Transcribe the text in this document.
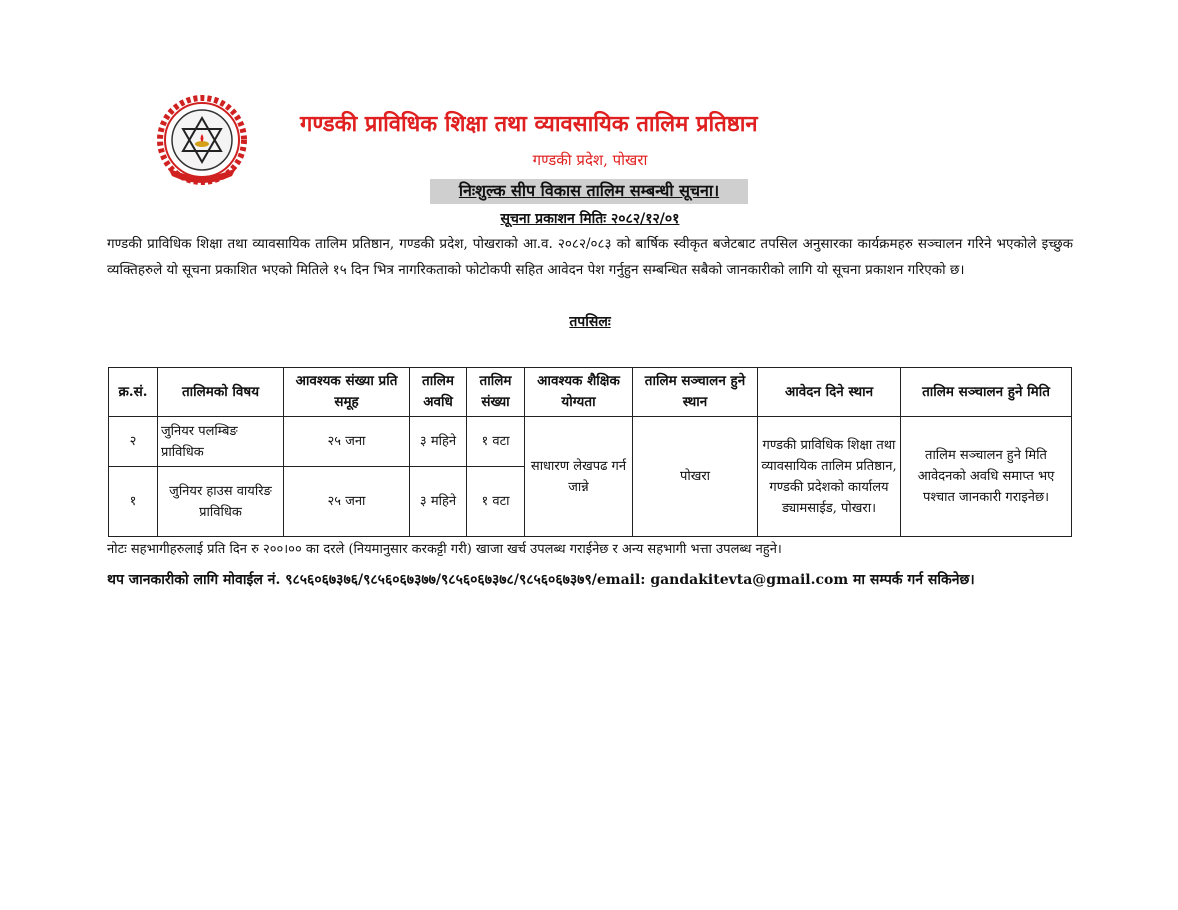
गण्डकी प्राविधिक शिक्षा तथा व्यावसायिक तालिम प्रतिष्ठान
गण्डकी प्रदेश, पोखरा
निःशुल्क सीप विकास तालिम सम्बन्धी सूचना।
सूचना प्रकाशन मितिः २०८२/१२/०१
गण्डकी प्राविधिक शिक्षा तथा व्यावसायिक तालिम प्रतिष्ठान, गण्डकी प्रदेश, पोखराको आ.व. २०८२/०८३ को बार्षिक स्वीकृत बजेटबाट तपसिल अनुसारका कार्यक्रमहरु सञ्चालन गरिने भएकोले इच्छुक व्यक्तिहरुले यो सूचना प्रकाशित भएको मितिले १५ दिन भित्र नागरिकताको फोटोकपी सहित आवेदन पेश गर्नुहुन सम्बन्धित सबैको जानकारीको लागि यो सूचना प्रकाशन गरिएको छ।
तपसिलः
क्र.सं.	तालिमको विषय	आवश्यक संख्या प्रति समूह	तालिम अवधि	तालिम संख्या	आवश्यक शैक्षिक योग्यता	तालिम सञ्चालन हुने स्थान	आवेदन दिने स्थान	तालिम सञ्चालन हुने मिति
२	जुनियर पलम्बिङ प्राविधिक	२५ जना	३ महिने	१ वटा	साधारण लेखपढ गर्न जान्ने	पोखरा	गण्डकी प्राविधिक शिक्षा तथा व्यावसायिक तालिम प्रतिष्ठान, गण्डकी प्रदेशको कार्यालय ड्यामसाईड, पोखरा।	तालिम सञ्चालन हुने मिति आवेदनको अवधि समाप्त भए पश्चात जानकारी गराइनेछ।
१	जुनियर हाउस वायरिङ प्राविधिक	२५ जना	३ महिने	१ वटा				
नोटः सहभागीहरुलाई प्रति दिन रु २००।०० का दरले (नियमानुसार करकट्टी गरी) खाजा खर्च उपलब्ध गराईनेछ र अन्य सहभागी भत्ता उपलब्ध नहुने।
थप जानकारीको लागि मोवाईल नं. ९८५६०६७३७६/९८५६०६७३७७/९८५६०६७३७८/९८५६०६७३७९/email: gandakitevta@gmail.com मा सम्पर्क गर्न सकिनेछ।
